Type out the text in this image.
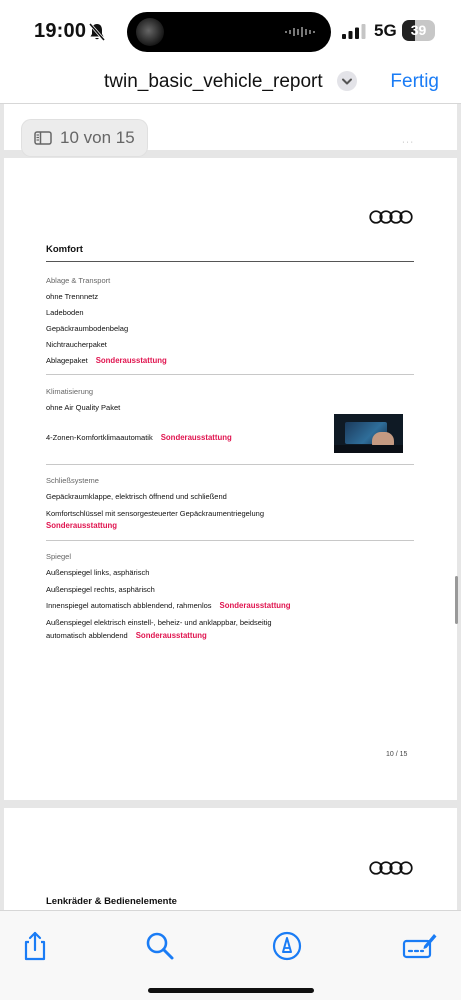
19:00	5G	39
twin_basic_vehicle_report	Fertig
· · ·
10 von 15
Komfort
Ablage & Transport
ohne Trennnetz
Ladeboden
Gepäckraumbodenbelag
Nichtraucherpaket
Ablagepaket Sonderausstattung
Klimatisierung
ohne Air Quality Paket
4-Zonen-Komfortklimaautomatik Sonderausstattung
Schließsysteme
Gepäckraumklappe, elektrisch öffnend und schließend
Komfortschlüssel mit sensorgesteuerter Gepäckraumentriegelung
Sonderausstattung
Spiegel
Außenspiegel links, asphärisch
Außenspiegel rechts, asphärisch
Innenspiegel automatisch abblendend, rahmenlos Sonderausstattung
Außenspiegel elektrisch einstell-, beheiz- und anklappbar, beidseitig
automatisch abblendend Sonderausstattung
10 / 15
Lenkräder & Bedienelemente
